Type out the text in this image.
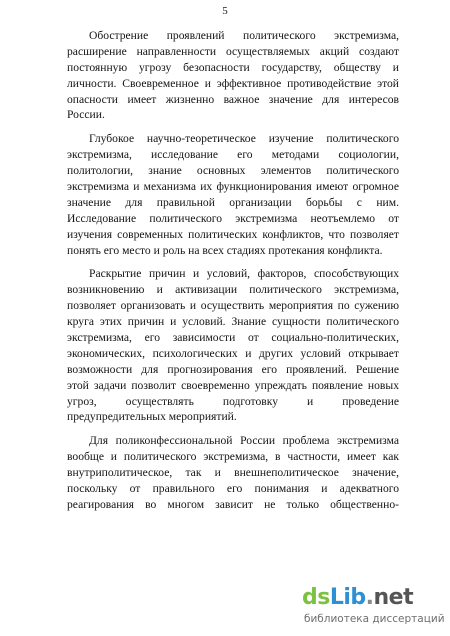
5
Обострение проявлений политического экстремизма,
расширение направленности осуществляемых акций создают
постоянную угрозу безопасности государству, обществу и
личности. Своевременное и эффективное противодействие этой
опасности имеет жизненно важное значение для интересов
России.
Глубокое научно-теоретическое изучение политического
экстремизма, исследование его методами социологии,
политологии, знание основных элементов политического
экстремизма и механизма их функционирования имеют огромное
значение для правильной организации борьбы с ним.
Исследование политического экстремизма неотъемлемо от
изучения современных политических конфликтов, что позволяет
понять его место и роль на всех стадиях протекания конфликта.
Раскрытие причин и условий, факторов, способствующих
возникновению и активизации политического экстремизма,
позволяет организовать и осуществить мероприятия по сужению
круга этих причин и условий. Знание сущности политического
экстремизма, его зависимости от социально-политических,
экономических, психологических и других условий открывает
возможности для прогнозирования его проявлений. Решение
этой задачи позволит своевременно упреждать появление новых
угроз, осуществлять подготовку и проведение
предупредительных мероприятий.
Для поликонфессиональной России проблема экстремизма
вообще и политического экстремизма, в частности, имеет как
внутриполитическое, так и внешнеполитическое значение,
поскольку от правильного его понимания и адекватного
реагирования во многом зависит не только общественно-
dsLib.net
библиотека диссертаций
